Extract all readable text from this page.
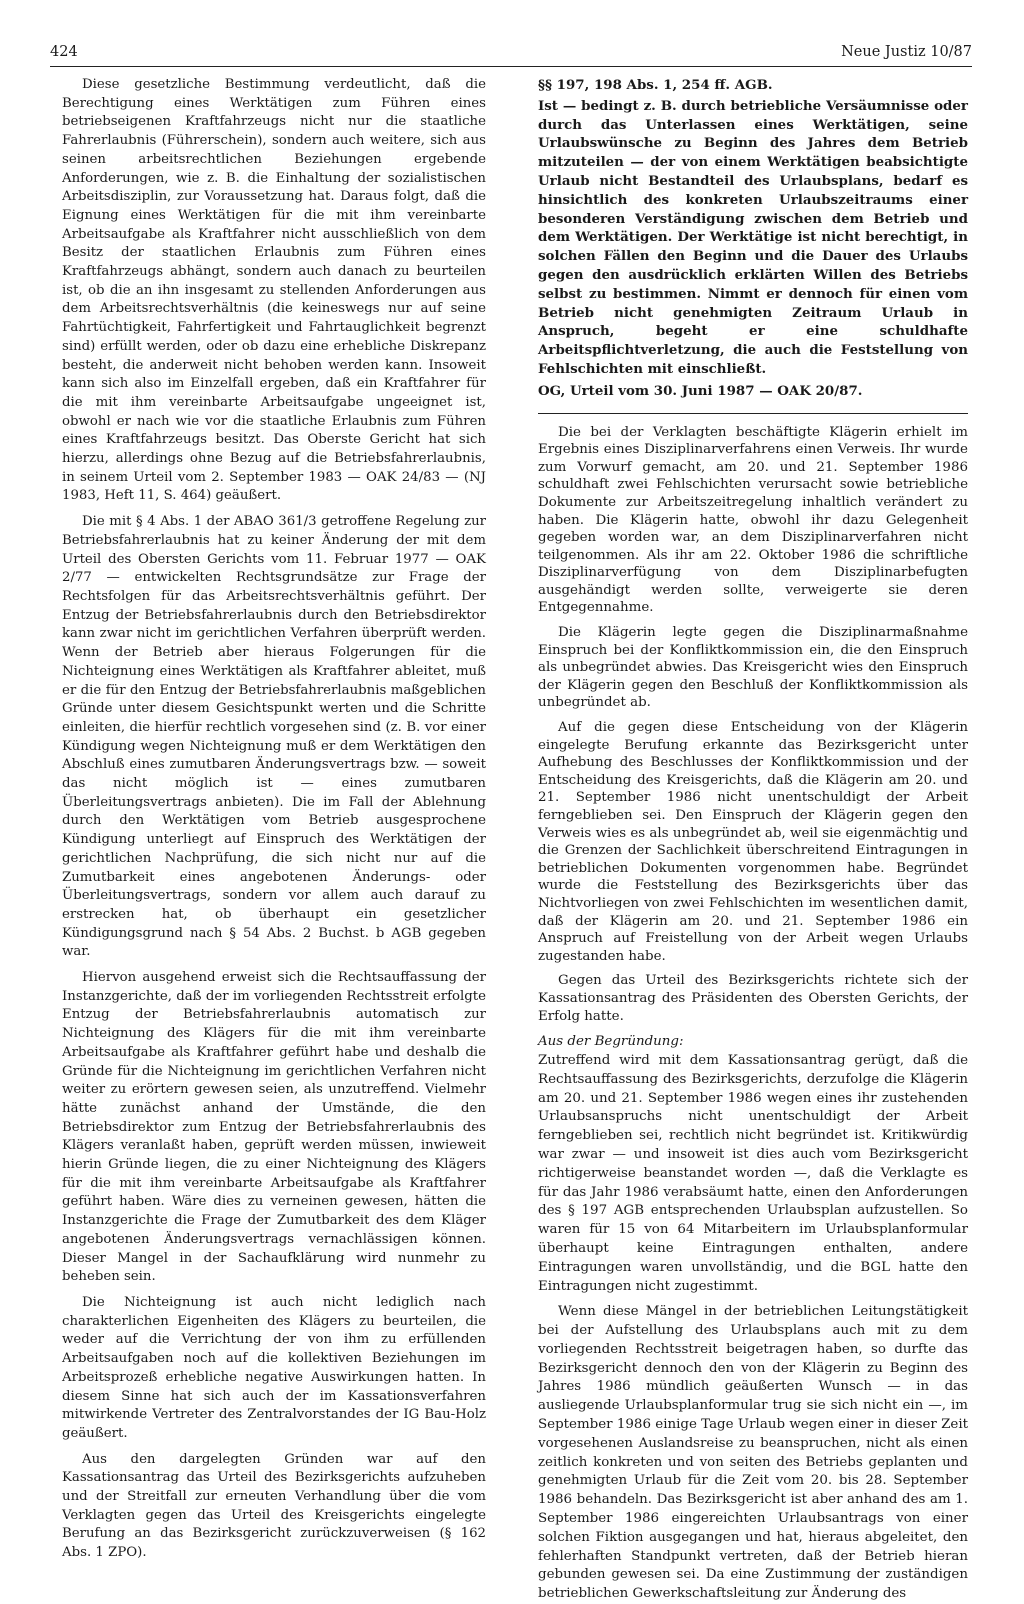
424	Neue Justiz 10/87

Diese gesetzliche Bestimmung verdeutlicht, daß die Berechtigung eines Werktätigen zum Führen eines betriebseigenen Kraftfahrzeugs nicht nur die staatliche Fahrerlaubnis (Führerschein), sondern auch weitere, sich aus seinen arbeitsrechtlichen Beziehungen ergebende Anforderungen, wie z. B. die Einhaltung der sozialistischen Arbeitsdisziplin, zur Voraussetzung hat. Daraus folgt, daß die Eignung eines Werktätigen für die mit ihm vereinbarte Arbeitsaufgabe als Kraftfahrer nicht ausschließlich von dem Besitz der staatlichen Erlaubnis zum Führen eines Kraftfahrzeugs abhängt, sondern auch danach zu beurteilen ist, ob die an ihn insgesamt zu stellenden Anforderungen aus dem Arbeitsrechtsverhältnis (die keineswegs nur auf seine Fahrtüchtigkeit, Fahrfertigkeit und Fahrtauglichkeit begrenzt sind) erfüllt werden, oder ob dazu eine erhebliche Diskrepanz besteht, die anderweit nicht behoben werden kann. Insoweit kann sich also im Einzelfall ergeben, daß ein Kraftfahrer für die mit ihm vereinbarte Arbeitsaufgabe ungeeignet ist, obwohl er nach wie vor die staatliche Erlaubnis zum Führen eines Kraftfahrzeugs besitzt. Das Oberste Gericht hat sich hierzu, allerdings ohne Bezug auf die Betriebsfahrerlaubnis, in seinem Urteil vom 2. September 1983 — OAK 24/83 — (NJ 1983, Heft 11, S. 464) geäußert.

Die mit § 4 Abs. 1 der ABAO 361/3 getroffene Regelung zur Betriebsfahrerlaubnis hat zu keiner Änderung der mit dem Urteil des Obersten Gerichts vom 11. Februar 1977 — OAK 2/77 — entwickelten Rechtsgrundsätze zur Frage der Rechtsfolgen für das Arbeitsrechtsverhältnis geführt. Der Entzug der Betriebsfahrerlaubnis durch den Betriebsdirektor kann zwar nicht im gerichtlichen Verfahren überprüft werden. Wenn der Betrieb aber hieraus Folgerungen für die Nichteignung eines Werktätigen als Kraftfahrer ableitet, muß er die für den Entzug der Betriebsfahrerlaubnis maßgeblichen Gründe unter diesem Gesichtspunkt werten und die Schritte einleiten, die hierfür rechtlich vorgesehen sind (z. B. vor einer Kündigung wegen Nichteignung muß er dem Werktätigen den Abschluß eines zumutbaren Änderungsvertrags bzw. — soweit das nicht möglich ist — eines zumutbaren Überleitungsvertrags anbieten). Die im Fall der Ablehnung durch den Werktätigen vom Betrieb ausgesprochene Kündigung unterliegt auf Einspruch des Werktätigen der gerichtlichen Nachprüfung, die sich nicht nur auf die Zumutbarkeit eines angebotenen Änderungs- oder Überleitungsvertrags, sondern vor allem auch darauf zu erstrecken hat, ob überhaupt ein gesetzlicher Kündigungsgrund nach § 54 Abs. 2 Buchst. b AGB gegeben war.

Hiervon ausgehend erweist sich die Rechtsauffassung der Instanzgerichte, daß der im vorliegenden Rechtsstreit erfolgte Entzug der Betriebsfahrerlaubnis automatisch zur Nichteignung des Klägers für die mit ihm vereinbarte Arbeitsaufgabe als Kraftfahrer geführt habe und deshalb die Gründe für die Nichteignung im gerichtlichen Verfahren nicht weiter zu erörtern gewesen seien, als unzutreffend. Vielmehr hätte zunächst anhand der Umstände, die den Betriebsdirektor zum Entzug der Betriebsfahrerlaubnis des Klägers veranlaßt haben, geprüft werden müssen, inwieweit hierin Gründe liegen, die zu einer Nichteignung des Klägers für die mit ihm vereinbarte Arbeitsaufgabe als Kraftfahrer geführt haben. Wäre dies zu verneinen gewesen, hätten die Instanzgerichte die Frage der Zumutbarkeit des dem Kläger angebotenen Änderungsvertrags vernachlässigen können. Dieser Mangel in der Sachaufklärung wird nunmehr zu beheben sein.

Die Nichteignung ist auch nicht lediglich nach charakterlichen Eigenheiten des Klägers zu beurteilen, die weder auf die Verrichtung der von ihm zu erfüllenden Arbeitsaufgaben noch auf die kollektiven Beziehungen im Arbeitsprozeß erhebliche negative Auswirkungen hatten. In diesem Sinne hat sich auch der im Kassationsverfahren mitwirkende Vertreter des Zentralvorstandes der IG Bau-Holz geäußert.

Aus den dargelegten Gründen war auf den Kassationsantrag das Urteil des Bezirksgerichts aufzuheben und der Streitfall zur erneuten Verhandlung über die vom Verklagten gegen das Urteil des Kreisgerichts eingelegte Berufung an das Bezirksgericht zurückzuverweisen (§ 162 Abs. 1 ZPO).

§§ 197, 198 Abs. 1, 254 ff. AGB.

Ist — bedingt z. B. durch betriebliche Versäumnisse oder durch das Unterlassen eines Werktätigen, seine Urlaubswünsche zu Beginn des Jahres dem Betrieb mitzuteilen — der von einem Werktätigen beabsichtigte Urlaub nicht Bestandteil des Urlaubsplans, bedarf es hinsichtlich des konkreten Urlaubszeitraums einer besonderen Verständigung zwischen dem Betrieb und dem Werktätigen. Der Werktätige ist nicht berechtigt, in solchen Fällen den Beginn und die Dauer des Urlaubs gegen den ausdrücklich erklärten Willen des Betriebs selbst zu bestimmen. Nimmt er dennoch für einen vom Betrieb nicht genehmigten Zeitraum Urlaub in Anspruch, begeht er eine schuldhafte Arbeitspflichtverletzung, die auch die Feststellung von Fehlschichten mit einschließt.

OG, Urteil vom 30. Juni 1987 — OAK 20/87.

Die bei der Verklagten beschäftigte Klägerin erhielt im Ergebnis eines Disziplinarverfahrens einen Verweis. Ihr wurde zum Vorwurf gemacht, am 20. und 21. September 1986 schuldhaft zwei Fehlschichten verursacht sowie betriebliche Dokumente zur Arbeitszeitregelung inhaltlich verändert zu haben. Die Klägerin hatte, obwohl ihr dazu Gelegenheit gegeben worden war, an dem Disziplinarverfahren nicht teilgenommen. Als ihr am 22. Oktober 1986 die schriftliche Disziplinarverfügung von dem Disziplinarbefugten ausgehändigt werden sollte, verweigerte sie deren Entgegennahme.

Die Klägerin legte gegen die Disziplinarmaßnahme Einspruch bei der Konfliktkommission ein, die den Einspruch als unbegründet abwies. Das Kreisgericht wies den Einspruch der Klägerin gegen den Beschluß der Konfliktkommission als unbegründet ab.

Auf die gegen diese Entscheidung von der Klägerin eingelegte Berufung erkannte das Bezirksgericht unter Aufhebung des Beschlusses der Konfliktkommission und der Entscheidung des Kreisgerichts, daß die Klägerin am 20. und 21. September 1986 nicht unentschuldigt der Arbeit ferngeblieben sei. Den Einspruch der Klägerin gegen den Verweis wies es als unbegründet ab, weil sie eigenmächtig und die Grenzen der Sachlichkeit überschreitend Eintragungen in betrieblichen Dokumenten vorgenommen habe. Begründet wurde die Feststellung des Bezirksgerichts über das Nichtvorliegen von zwei Fehlschichten im wesentlichen damit, daß der Klägerin am 20. und 21. September 1986 ein Anspruch auf Freistellung von der Arbeit wegen Urlaubs zugestanden habe.

Gegen das Urteil des Bezirksgerichts richtete sich der Kassationsantrag des Präsidenten des Obersten Gerichts, der Erfolg hatte.

Aus der Begründung:

Zutreffend wird mit dem Kassationsantrag gerügt, daß die Rechtsauffassung des Bezirksgerichts, derzufolge die Klägerin am 20. und 21. September 1986 wegen eines ihr zustehenden Urlaubsanspruchs nicht unentschuldigt der Arbeit ferngeblieben sei, rechtlich nicht begründet ist. Kritikwürdig war zwar — und insoweit ist dies auch vom Bezirksgericht richtigerweise beanstandet worden —, daß die Verklagte es für das Jahr 1986 verabsäumt hatte, einen den Anforderungen des § 197 AGB entsprechenden Urlaubsplan aufzustellen. So waren für 15 von 64 Mitarbeitern im Urlaubsplanformular überhaupt keine Eintragungen enthalten, andere Eintragungen waren unvollständig, und die BGL hatte den Eintragungen nicht zugestimmt.

Wenn diese Mängel in der betrieblichen Leitungstätigkeit bei der Aufstellung des Urlaubsplans auch mit zu dem vorliegenden Rechtsstreit beigetragen haben, so durfte das Bezirksgericht dennoch den von der Klägerin zu Beginn des Jahres 1986 mündlich geäußerten Wunsch — in das ausliegende Urlaubsplanformular trug sie sich nicht ein —, im September 1986 einige Tage Urlaub wegen einer in dieser Zeit vorgesehenen Auslandsreise zu beanspruchen, nicht als einen zeitlich konkreten und von seiten des Betriebs geplanten und genehmigten Urlaub für die Zeit vom 20. bis 28. September 1986 behandeln. Das Bezirksgericht ist aber anhand des am 1. September 1986 eingereichten Urlaubsantrags von einer solchen Fiktion ausgegangen und hat, hieraus abgeleitet, den fehlerhaften Standpunkt vertreten, daß der Betrieb hieran gebunden gewesen sei. Da eine Zustimmung der zuständigen betrieblichen Gewerkschaftsleitung zur Änderung des
